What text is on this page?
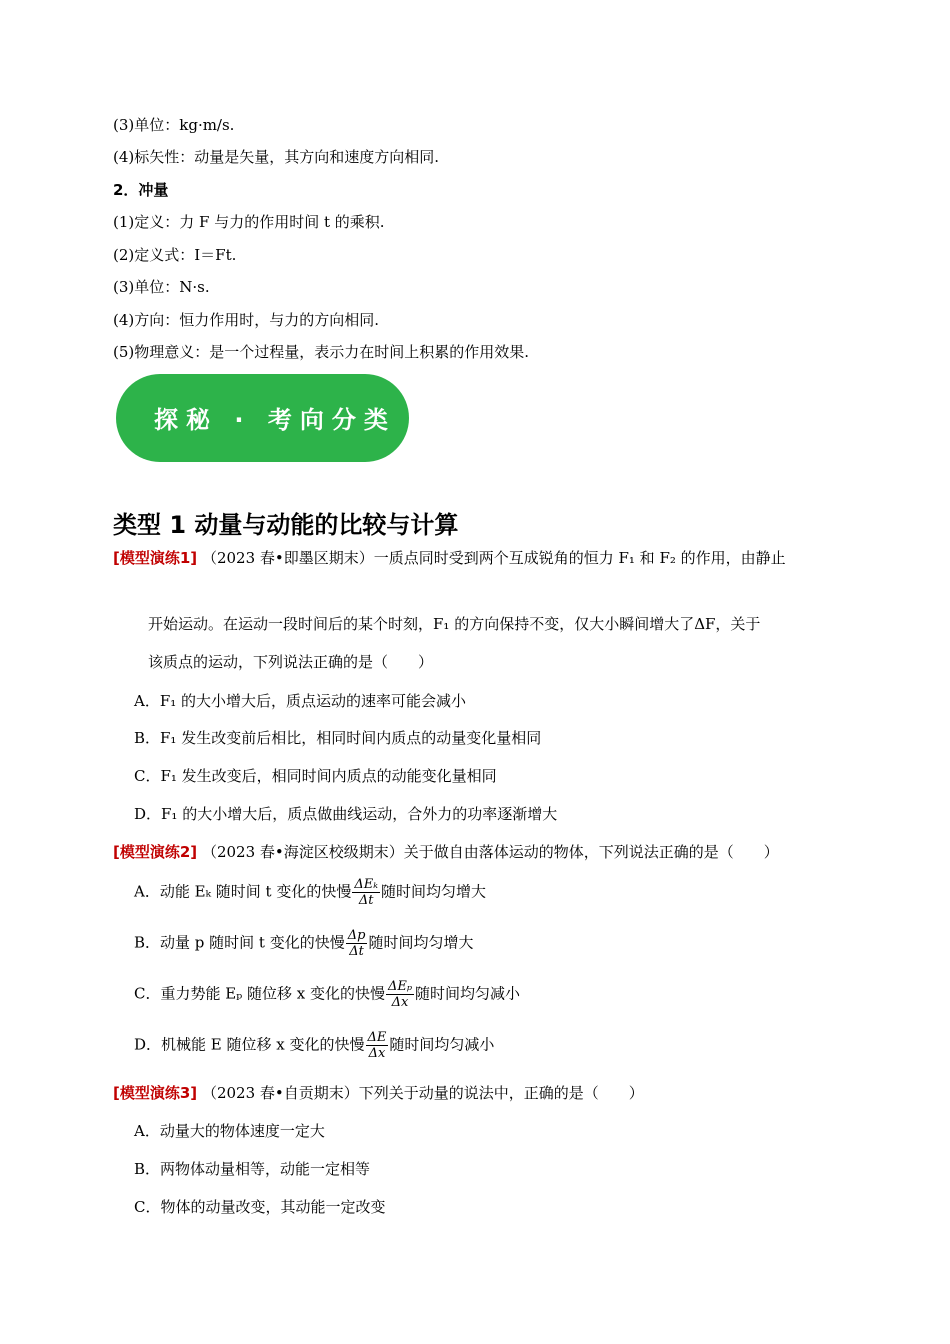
(3)单位：kg·m/s.
(4)标矢性：动量是矢量，其方向和速度方向相同.
2．冲量
(1)定义：力 F 与力的作用时间 t 的乘积.
(2)定义式：I＝Ft.
(3)单位：N·s.
(4)方向：恒力作用时，与力的方向相同.
(5)物理意义：是一个过程量，表示力在时间上积累的作用效果.
探秘 · 考向分类
类型 1 动量与动能的比较与计算
[模型演练1] （2023 春•即墨区期末）一质点同时受到两个互成锐角的恒力 F₁ 和 F₂ 的作用，由静止
开始运动。在运动一段时间后的某个时刻，F₁ 的方向保持不变，仅大小瞬间增大了ΔF，关于
该质点的运动，下列说法正确的是（　　）
A．F₁ 的大小增大后，质点运动的速率可能会减小
B．F₁ 发生改变前后相比，相同时间内质点的动量变化量相同
C．F₁ 发生改变后，相同时间内质点的动能变化量相同
D．F₁ 的大小增大后，质点做曲线运动，合外力的功率逐渐增大
[模型演练2] （2023 春•海淀区校级期末）关于做自由落体运动的物体，下列说法正确的是（　　）
A．动能 Eₖ 随时间 t 变化的快慢 $\frac{\text{ΔEₖ}}{\Delta t}$ 随时间均匀增大
B．动量 p 随时间 t 变化的快慢 $\frac{\Delta p}{\Delta t}$ 随时间均匀增大
C．重力势能 Eₚ 随位移 x 变化的快慢 $\frac{\text{ΔEₚ}}{\Delta x}$ 随时间均匀减小
D．机械能 E 随位移 x 变化的快慢 $\frac{\Delta E}{\Delta x}$ 随时间均匀减小
[模型演练3] （2023 春•自贡期末）下列关于动量的说法中，正确的是（　　）
A．动量大的物体速度一定大
B．两物体动量相等，动能一定相等
C．物体的动量改变，其动能一定改变
